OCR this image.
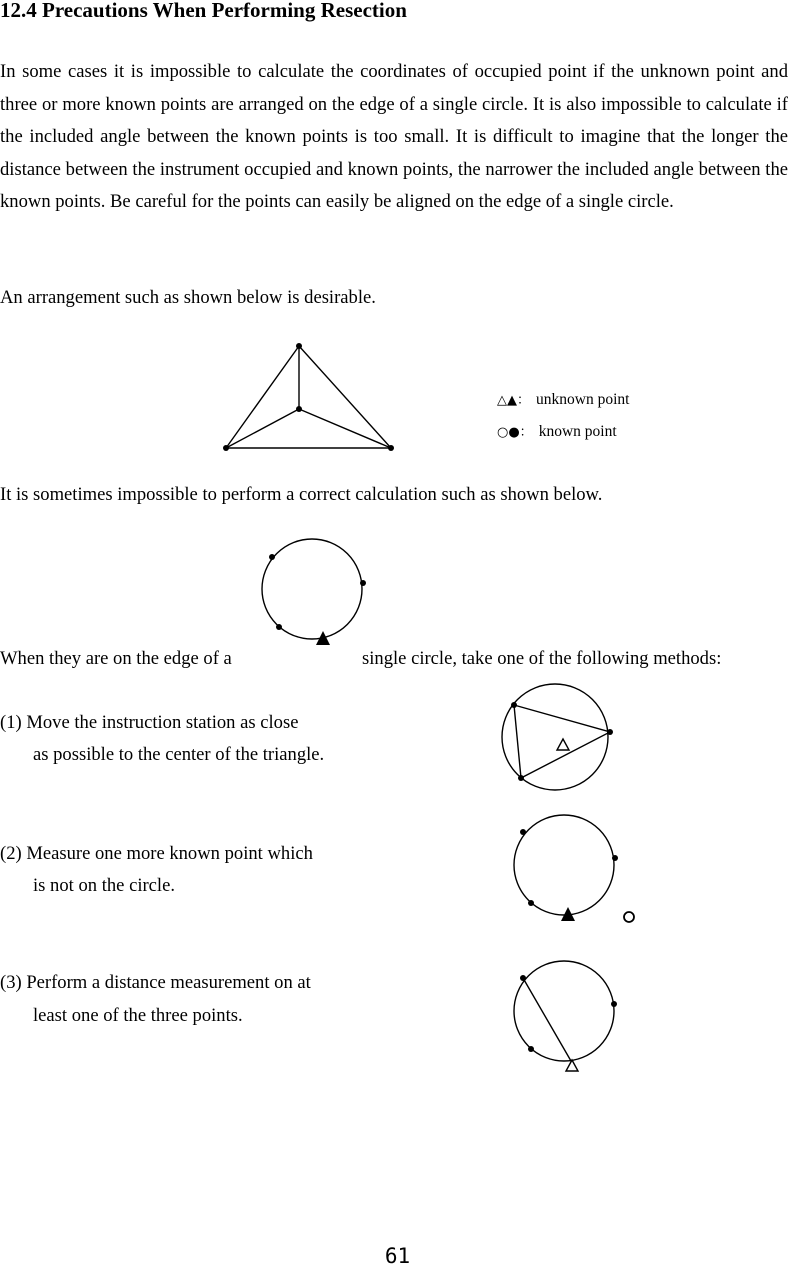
12.4 Precautions When Performing Resection

In some cases it is impossible to calculate the coordinates of occupied point if the unknown point and three or more known points are arranged on the edge of a single circle. It is also impossible to calculate if the included angle between the known points is too small. It is difficult to imagine that the longer the distance between the instrument occupied and known points, the narrower the included angle between the known points. Be careful for the points can easily be aligned on the edge of a single circle.

An arrangement such as shown below is desirable.
△▲： unknown point
○●： known point
It is sometimes impossible to perform a correct calculation such as shown below.
When they are on the edge of a	single circle, take one of the following methods:
(1) Move the instruction station as close
as possible to the center of the triangle.
(2) Measure one more known point which
is not on the circle.
(3) Perform a distance measurement on at
least one of the three points.
61
